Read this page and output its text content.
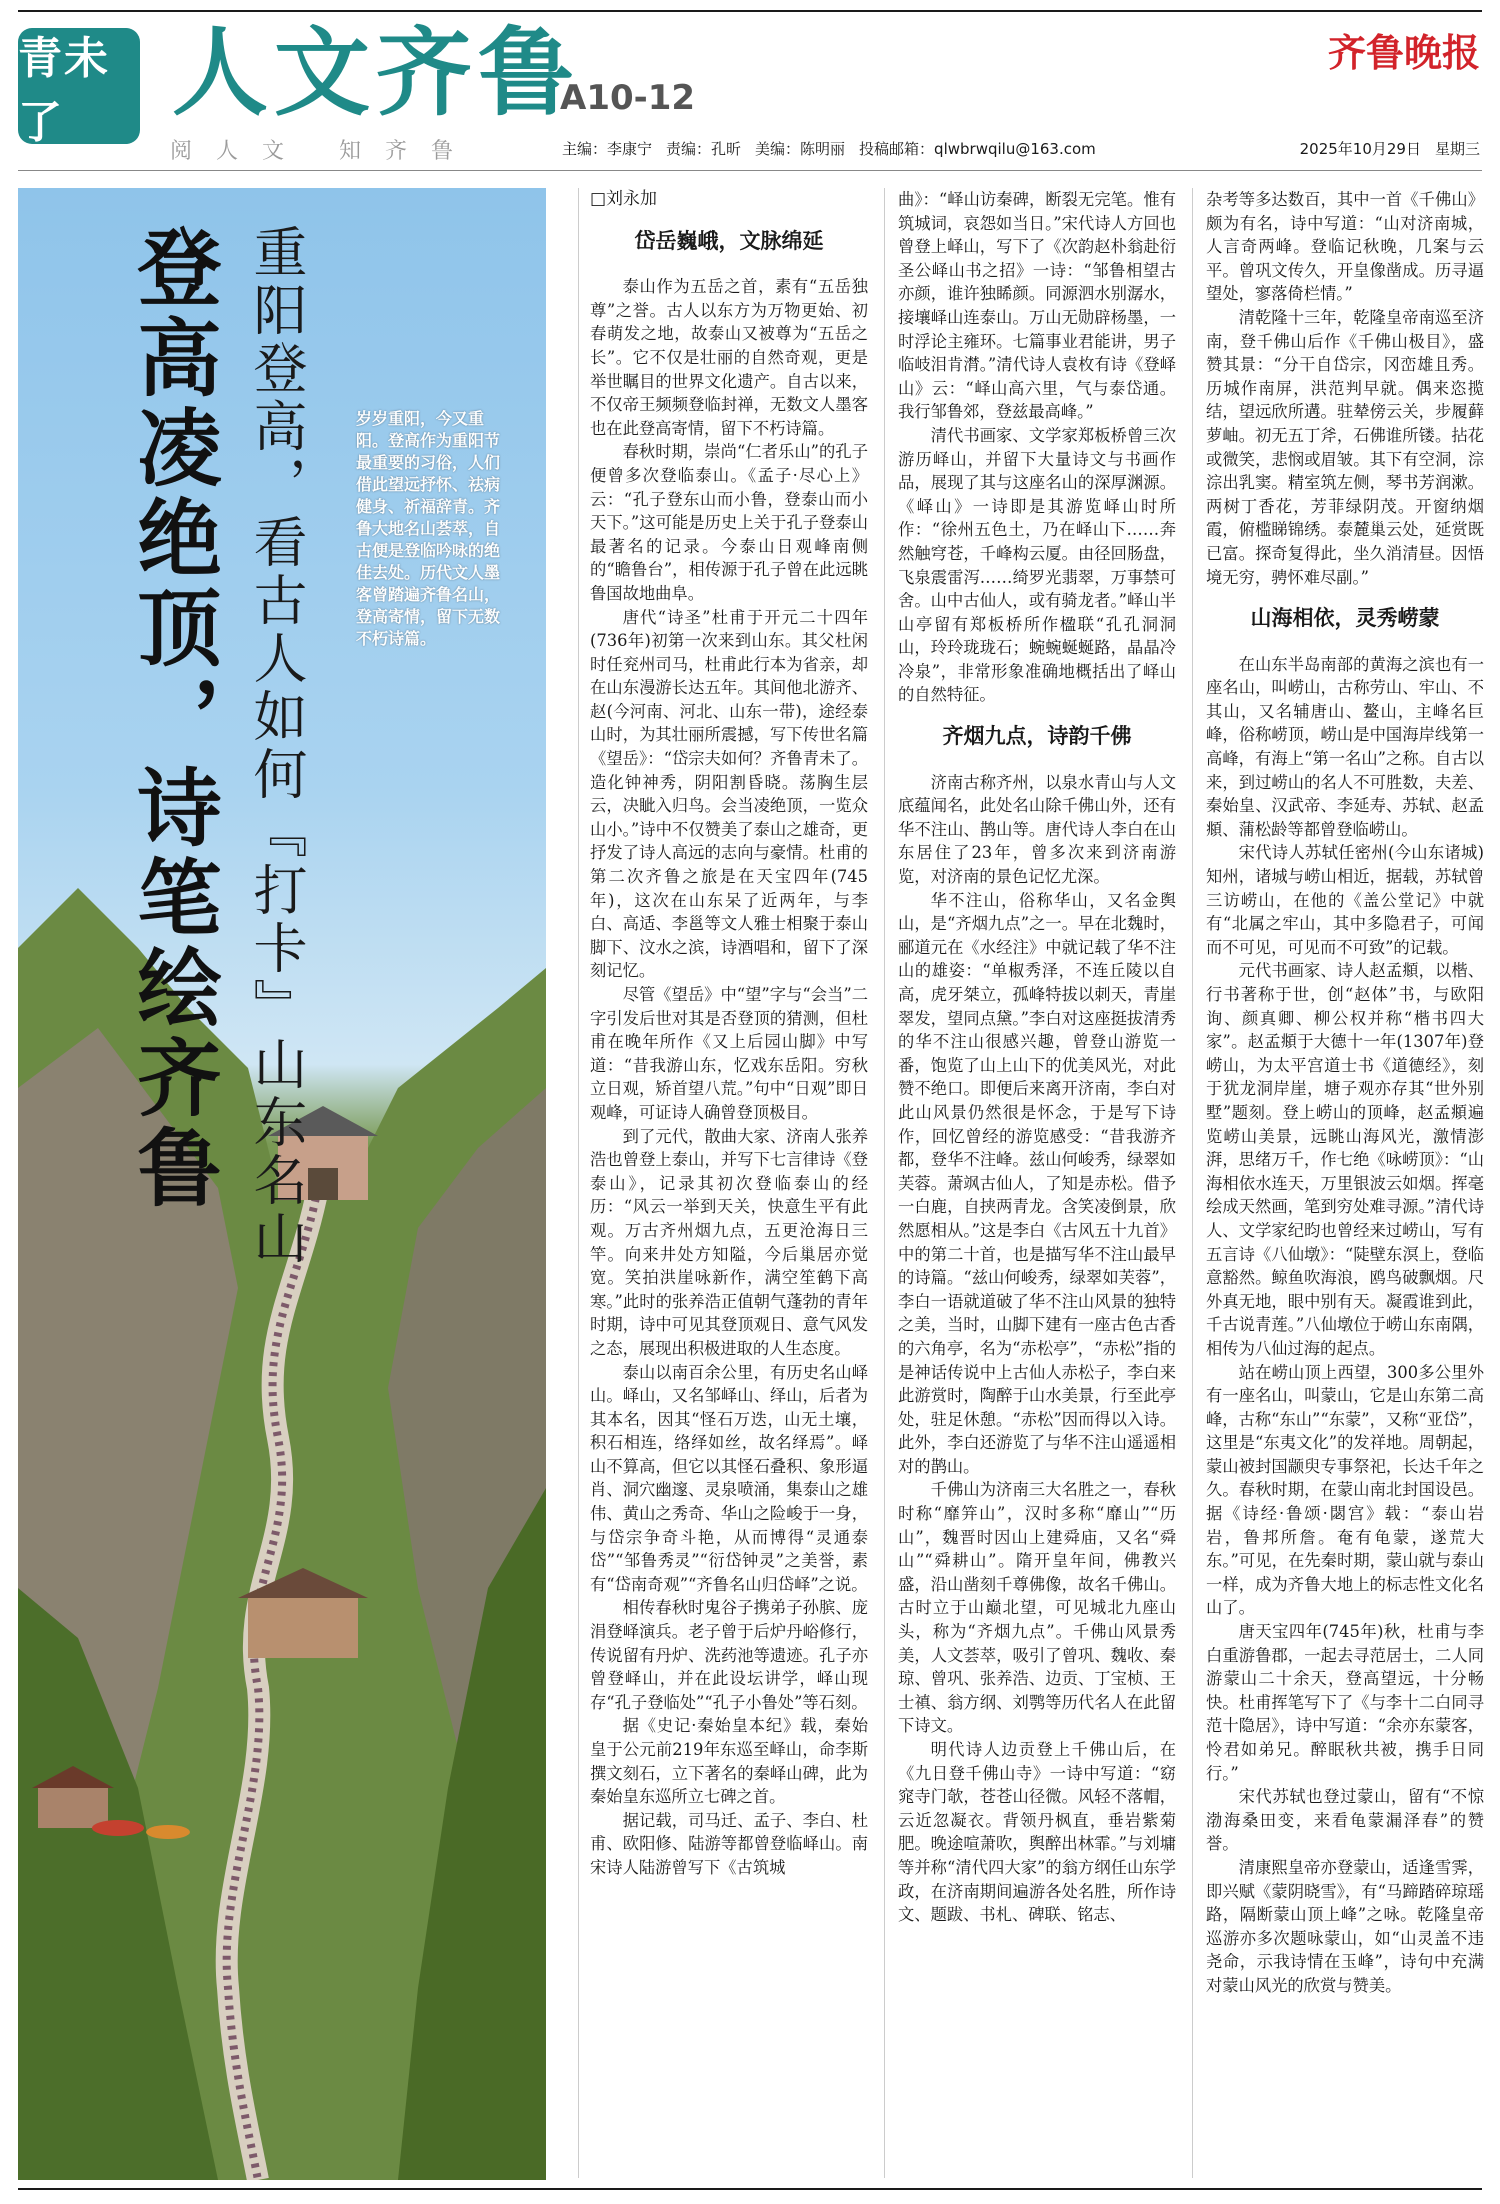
青未了	人文齐鲁
A10-12
阅人文 知齐鲁
齐鲁晚报
主编：李康宁 责编：孔昕 美编：陈明丽 投稿邮箱：qlwbrwqilu@163.com	2025年10月29日 星期三
登高凌绝顶，诗笔绘齐鲁 重阳登高，看古人如何『打卡』山东名山	岁岁重阳，今又重阳。登高作为重阳节最重要的习俗，人们借此望远抒怀、祛病健身、祈福辞青。齐鲁大地名山荟萃，自古便是登临吟咏的绝佳去处。历代文人墨客曾踏遍齐鲁名山，登高寄情，留下无数不朽诗篇。

□刘永加

岱岳巍峨，文脉绵延

泰山作为五岳之首，素有“五岳独尊”之誉。古人以东方为万物更始、初春萌发之地，故泰山又被尊为“五岳之长”。它不仅是壮丽的自然奇观，更是举世瞩目的世界文化遗产。自古以来，不仅帝王频频登临封禅，无数文人墨客也在此登高寄情，留下不朽诗篇。

春秋时期，崇尚“仁者乐山”的孔子便曾多次登临泰山。《孟子·尽心上》云：“孔子登东山而小鲁，登泰山而小天下。”这可能是历史上关于孔子登泰山最著名的记录。今泰山日观峰南侧的“瞻鲁台”，相传源于孔子曾在此远眺鲁国故地曲阜。

唐代“诗圣”杜甫于开元二十四年(736年)初第一次来到山东。其父杜闲时任兖州司马，杜甫此行本为省亲，却在山东漫游长达五年。其间他北游齐、赵(今河南、河北、山东一带)，途经泰山时，为其壮丽所震撼，写下传世名篇《望岳》：“岱宗夫如何？齐鲁青未了。造化钟神秀，阴阳割昏晓。荡胸生层云，决眦入归鸟。会当凌绝顶，一览众山小。”诗中不仅赞美了泰山之雄奇，更抒发了诗人高远的志向与豪情。杜甫的第二次齐鲁之旅是在天宝四年(745年)，这次在山东呆了近两年，与李白、高适、李邕等文人雅士相聚于泰山脚下、汶水之滨，诗酒唱和，留下了深刻记忆。

尽管《望岳》中“望”字与“会当”二字引发后世对其是否登顶的猜测，但杜甫在晚年所作《又上后园山脚》中写道：“昔我游山东，忆戏东岳阳。穷秋立日观，矫首望八荒。”句中“日观”即日观峰，可证诗人确曾登顶极目。

到了元代，散曲大家、济南人张养浩也曾登上泰山，并写下七言律诗《登泰山》，记录其初次登临泰山的经历：“风云一举到天关，快意生平有此观。万古齐州烟九点，五更沧海日三竿。向来井处方知隘，今后巢居亦觉宽。笑拍洪崖咏新作，满空笙鹤下高寒。”此时的张养浩正值朝气蓬勃的青年时期，诗中可见其登顶观日、意气风发之态，展现出积极进取的人生态度。

泰山以南百余公里，有历史名山峄山。峄山，又名邹峄山、绎山，后者为其本名，因其“怪石万迭，山无土壤，积石相连，络绎如丝，故名绎焉”。峄山不算高，但它以其怪石叠积、象形逼肖、洞穴幽邃、灵泉喷涌，集泰山之雄伟、黄山之秀奇、华山之险峻于一身，与岱宗争奇斗艳，从而博得“灵通泰岱”“邹鲁秀灵”“衍岱钟灵”之美誉，素有“岱南奇观”“齐鲁名山归岱峄”之说。

相传春秋时鬼谷子携弟子孙膑、庞涓登峄演兵。老子曾于后炉丹峪修行，传说留有丹炉、洗药池等遗迹。孔子亦曾登峄山，并在此设坛讲学，峄山现存“孔子登临处”“孔子小鲁处”等石刻。

据《史记·秦始皇本纪》载，秦始皇于公元前219年东巡至峄山，命李斯撰文刻石，立下著名的秦峄山碑，此为秦始皇东巡所立七碑之首。

据记载，司马迁、孟子、李白、杜甫、欧阳修、陆游等都曾登临峄山。南宋诗人陆游曾写下《古筑城

曲》：“峄山访秦碑，断裂无完笔。惟有筑城词，哀怨如当日。”宋代诗人方回也曾登上峄山，写下了《次韵赵朴翁赴衍圣公峄山书之招》一诗：“邹鲁相望古亦颜，谁许独睎颜。同源泗水别潺水，接壤峄山连泰山。万山无勋辟杨墨，一时浮论主雍环。七篇事业君能讲，男子临岐泪肯潸。”清代诗人袁枚有诗《登峄山》云：“峄山高六里，气与泰岱通。我行邹鲁郊，登兹最高峰。”

清代书画家、文学家郑板桥曾三次游历峄山，并留下大量诗文与书画作品，展现了其与这座名山的深厚渊源。《峄山》一诗即是其游览峄山时所作：“徐州五色土，乃在峄山下……奔然触穹苍，千峰构云厦。由径回肠盘，飞泉震雷泻……绮罗光翡翠，万事禁可舍。山中古仙人，或有骑龙者。”峄山半山亭留有郑板桥所作楹联“孔孔洞洞山，玲玲珑珑石；蜿蜿蜒蜒路，晶晶冷冷泉”，非常形象准确地概括出了峄山的自然特征。

齐烟九点，诗韵千佛

济南古称齐州，以泉水青山与人文底蕴闻名，此处名山除千佛山外，还有华不注山、鹊山等。唐代诗人李白在山东居住了23年，曾多次来到济南游览，对济南的景色记忆尤深。

华不注山，俗称华山，又名金舆山，是“齐烟九点”之一。早在北魏时，郦道元在《水经注》中就记载了华不注山的雄姿：“单椒秀泽，不连丘陵以自高，虎牙桀立，孤峰特拔以刺天，青崖翠发，望同点黛。”李白对这座挺拔清秀的华不注山很感兴趣，曾登山游览一番，饱览了山上山下的优美风光，对此赞不绝口。即便后来离开济南，李白对此山风景仍然很是怀念，于是写下诗作，回忆曾经的游览感受：“昔我游齐都，登华不注峰。兹山何峻秀，绿翠如芙蓉。萧飒古仙人，了知是赤松。借予一白鹿，自挟两青龙。含笑凌倒景，欣然愿相从。”这是李白《古风五十九首》中的第二十首，也是描写华不注山最早的诗篇。“兹山何峻秀，绿翠如芙蓉”，李白一语就道破了华不注山风景的独特之美，当时，山脚下建有一座古色古香的六角亭，名为“赤松亭”，“赤松”指的是神话传说中上古仙人赤松子，李白来此游赏时，陶醉于山水美景，行至此亭处，驻足休憩。“赤松”因而得以入诗。此外，李白还游览了与华不注山遥遥相对的鹊山。

千佛山为济南三大名胜之一，春秋时称“靡笄山”，汉时多称“靡山”“历山”，魏晋时因山上建舜庙，又名“舜山”“舜耕山”。隋开皇年间，佛教兴盛，沿山凿刻千尊佛像，故名千佛山。古时立于山巅北望，可见城北九座山头，称为“齐烟九点”。千佛山风景秀美，人文荟萃，吸引了曾巩、魏收、秦琼、曾巩、张养浩、边贡、丁宝桢、王士禛、翁方纲、刘鹗等历代名人在此留下诗文。

明代诗人边贡登上千佛山后，在《九日登千佛山寺》一诗中写道：“窈窕寺门欹，苍苍山径微。风轻不落帽，云近忽凝衣。背领丹枫直，垂岩紫菊肥。晚途喧萧吹，舆醉出林霏。”与刘墉等并称“清代四大家”的翁方纲任山东学政，在济南期间遍游各处名胜，所作诗文、题跋、书札、碑联、铭志、

杂考等多达数百，其中一首《千佛山》颇为有名，诗中写道：“山对济南城，人言奇两峰。登临记秋晚，几案与云平。曾巩文传久，开皇像凿成。历寻逼望处，寥落倚栏情。”

清乾隆十三年，乾隆皇帝南巡至济南，登千佛山后作《千佛山极目》，盛赞其景：“分干自岱宗，冈峦雄且秀。历城作南屏，洪范判早就。偶来恣揽结，望远欣所遘。驻辇傍云关，步履藓萝岫。初无五丁斧，石佛谁所镂。拈花或微笑，悲悯或眉皱。其下有空洞，淙淙出乳窦。精室筑左侧，琴书芳润漱。两树丁香花，芳菲绿阴茂。开窗纳烟霞，俯槛睇锦绣。泰麓巢云处，延赏既已富。探奇复得此，坐久消清昼。因悟境无穷，骋怀难尽副。”

山海相依，灵秀崂蒙

在山东半岛南部的黄海之滨也有一座名山，叫崂山，古称劳山、牢山、不其山，又名辅唐山、鳌山，主峰名巨峰，俗称崂顶，崂山是中国海岸线第一高峰，有海上“第一名山”之称。自古以来，到过崂山的名人不可胜数，夫差、秦始皇、汉武帝、李延寿、苏轼、赵孟頫、蒲松龄等都曾登临崂山。

宋代诗人苏轼任密州(今山东诸城)知州，诸城与崂山相近，据载，苏轼曾三访崂山，在他的《盖公堂记》中就有“北属之牢山，其中多隐君子，可闻而不可见，可见而不可致”的记载。

元代书画家、诗人赵孟頫，以楷、行书著称于世，创“赵体”书，与欧阳询、颜真卿、柳公权并称“楷书四大家”。赵孟頫于大德十一年(1307年)登崂山，为太平宫道士书《道德经》，刻于犹龙洞岸崖，塘子观亦存其“世外别墅”题刻。登上崂山的顶峰，赵孟頫遍览崂山美景，远眺山海风光，激情澎湃，思绪万千，作七绝《咏崂顶》：“山海相依水连天，万里银波云如烟。挥毫绘成天然画，笔到穷处难寻源。”清代诗人、文学家纪昀也曾经来过崂山，写有五言诗《八仙墩》：“陡壁东溟上，登临意豁然。鲸鱼吹海浪，鸥鸟破飘烟。尺外真无地，眼中别有天。凝霞谁到此，千古说青莲。”八仙墩位于崂山东南隅，相传为八仙过海的起点。

站在崂山顶上西望，300多公里外有一座名山，叫蒙山，它是山东第二高峰，古称“东山”“东蒙”，又称“亚岱”，这里是“东夷文化”的发祥地。周朝起，蒙山被封国颛臾专事祭祀，长达千年之久。春秋时期，在蒙山南北封国设邑。据《诗经·鲁颂·閟宫》载：“泰山岩岩，鲁邦所詹。奄有龟蒙，遂荒大东。”可见，在先秦时期，蒙山就与泰山一样，成为齐鲁大地上的标志性文化名山了。

唐天宝四年(745年)秋，杜甫与李白重游鲁郡，一起去寻范居士，二人同游蒙山二十余天，登高望远，十分畅快。杜甫挥笔写下了《与李十二白同寻范十隐居》，诗中写道：“余亦东蒙客，怜君如弟兄。醉眠秋共被，携手日同行。”

宋代苏轼也登过蒙山，留有“不惊渤海桑田变，来看龟蒙漏泽春”的赞誉。

清康熙皇帝亦登蒙山，适逢雪霁，即兴赋《蒙阴晓雪》，有“马蹄踏碎琼瑶路，隔断蒙山顶上峰”之咏。乾隆皇帝巡游亦多次题咏蒙山，如“山灵盖不违尧命，示我诗情在玉峰”，诗句中充满对蒙山风光的欣赏与赞美。
